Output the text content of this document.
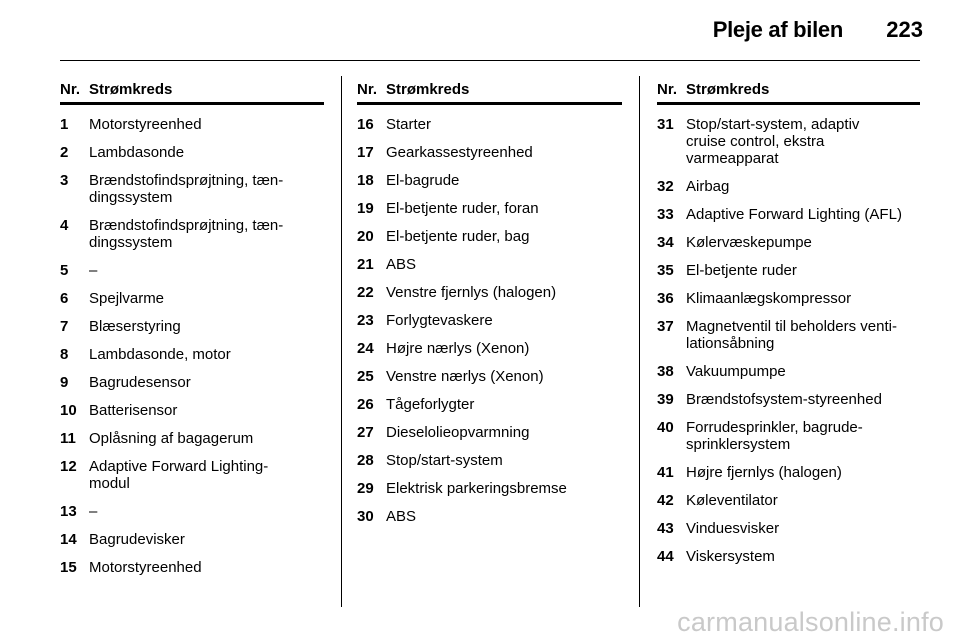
Pleje af bilen 223
Nr. Strømkreds
1	Motorstyreenhed
2	Lambdasonde
3	Brændstofindsprøjtning, tæn-
dingssystem
4	Brændstofindsprøjtning, tæn-
dingssystem
5	–
6	Spejlvarme
7	Blæserstyring
8	Lambdasonde, motor
9	Bagrudesensor
10 Batterisensor
11 Oplåsning af bagagerum
12 Adaptive Forward Lighting-
modul
13 –
14 Bagrudevisker
15 Motorstyreenhed
Nr. Strømkreds
16 Starter
17 Gearkassestyreenhed
18 El-bagrude
19 El-betjente ruder, foran
20 El-betjente ruder, bag
21 ABS
22 Venstre fjernlys (halogen)
23 Forlygtevaskere
24 Højre nærlys (Xenon)
25 Venstre nærlys (Xenon)
26 Tågeforlygter
27 Dieselolieopvarmning
28 Stop/start-system
29 Elektrisk parkeringsbremse
30 ABS
Nr. Strømkreds
31 Stop/start-system, adaptiv
cruise control, ekstra
varmeapparat
32 Airbag
33 Adaptive Forward Lighting (AFL)
34 Kølervæskepumpe
35 El-betjente ruder
36 Klimaanlægskompressor
37 Magnetventil til beholders venti-
lationsåbning
38 Vakuumpumpe
39 Brændstofsystem-styreenhed
40 Forrudesprinkler, bagrude-
sprinklersystem
41 Højre fjernlys (halogen)
42 Køleventilator
43 Vinduesvisker
44 Viskersystem
carmanualsonline.info
